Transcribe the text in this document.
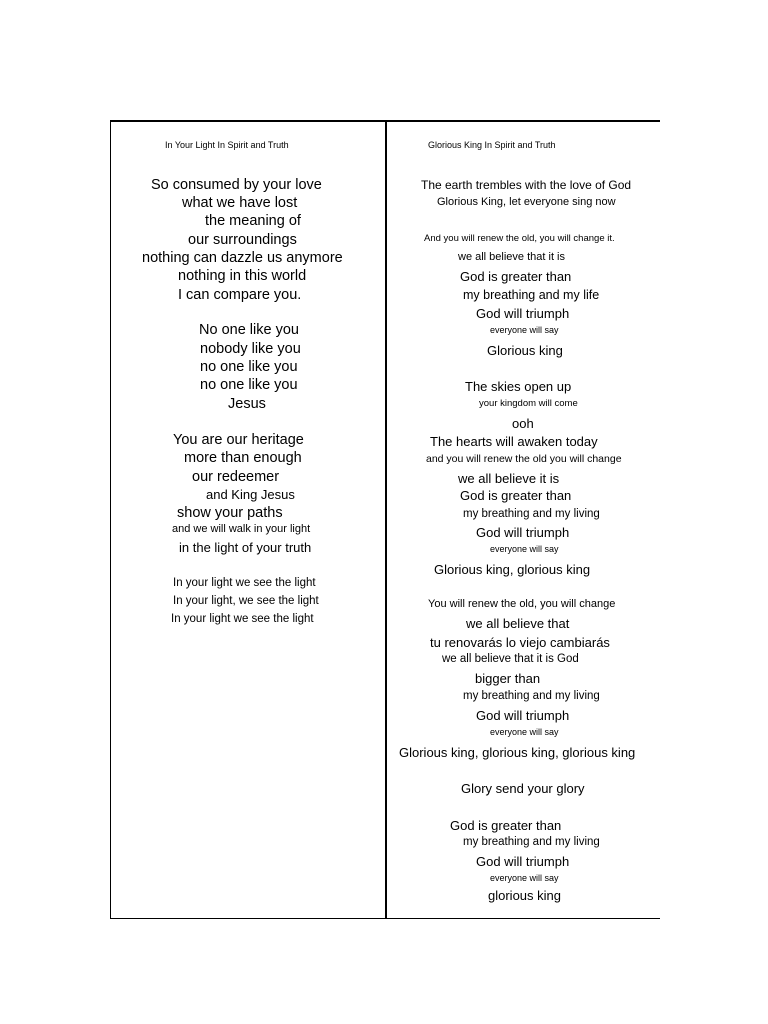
In Your Light In Spirit and Truth
So consumed by your love
what we have lost
the meaning of
our surroundings
nothing can dazzle us anymore
nothing in this world
I can compare you.
No one like you
nobody like you
no one like you
no one like you
Jesus
You are our heritage
more than enough
our redeemer
and King Jesus
show your paths
and we will walk in your light
in the light of your truth
In your light we see the light
In your light, we see the light
In your light we see the light
Glorious King In Spirit and Truth
The earth trembles with the love of God
Glorious King, let everyone sing now
And you will renew the old, you will change it.
we all believe that it is
God is greater than
my breathing and my life
God will triumph
everyone will say
Glorious king
The skies open up
your kingdom will come
ooh
The hearts will awaken today
and you will renew the old you will change
we all believe it is
God is greater than
my breathing and my living
God will triumph
everyone will say
Glorious king, glorious king
You will renew the old, you will change
we all believe that
tu renovarás lo viejo cambiarás
we all believe that it is God
bigger than
my breathing and my living
God will triumph
everyone will say
Glorious king, glorious king, glorious king
Glory send your glory
God is greater than
my breathing and my living
God will triumph
everyone will say
glorious king
